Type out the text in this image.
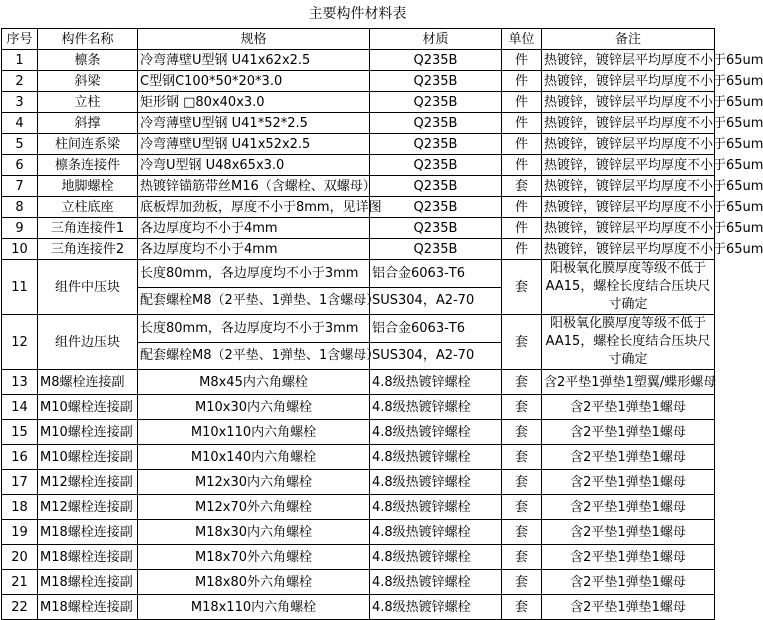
主要构件材料表
序号	构件名称	规格	材质	单位	备注
1	檩条	冷弯薄壁U型钢 U41x62x2.5	Q235B	件	热镀锌，镀锌层平均厚度不小于65um
2	斜梁	C型钢C100*50*20*3.0	Q235B	件	热镀锌，镀锌层平均厚度不小于65um
3	立柱	矩形钢 □80x40x3.0	Q235B	件	热镀锌，镀锌层平均厚度不小于65um
4	斜撑	冷弯薄壁U型钢 U41*52*2.5	Q235B	件	热镀锌，镀锌层平均厚度不小于65um
5	柱间连系梁	冷弯薄壁U型钢 U41x52x2.5	Q235B	件	热镀锌，镀锌层平均厚度不小于65um
6	檩条连接件	冷弯U型钢 U48x65x3.0	Q235B	件	热镀锌，镀锌层平均厚度不小于65um
7	地脚螺栓	热镀锌锚筋带丝M16（含螺栓、双螺母）	Q235B	套	热镀锌，镀锌层平均厚度不小于65um
8	立柱底座	底板焊加劲板，厚度不小于8mm，见详图	Q235B	件	热镀锌，镀锌层平均厚度不小于65um
9	三角连接件1	各边厚度均不小于4mm	Q235B	件	热镀锌，镀锌层平均厚度不小于65um
10	三角连接件2	各边厚度均不小于4mm	Q235B	件	热镀锌，镀锌层平均厚度不小于65um
11	组件中压块	长度80mm，各边厚度均不小于3mm	铝合金6063-T6	套	阳极氧化膜厚度等级不低于AA15，螺栓长度结合压块尺寸确定
		配套螺栓M8（2平垫、1弹垫、1含螺母）	SUS304，A2-70		
12	组件边压块	长度80mm，各边厚度均不小于3mm	铝合金6063-T6	套	阳极氧化膜厚度等级不低于AA15，螺栓长度结合压块尺寸确定
		配套螺栓M8（2平垫、1弹垫、1含螺母）	SUS304，A2-70		
13	M8螺栓连接副	M8x45内六角螺栓	4.8级热镀锌螺栓	套	含2平垫1弹垫1塑翼/蝶形螺母
14	M10螺栓连接副	M10x30内六角螺栓	4.8级热镀锌螺栓	套	含2平垫1弹垫1螺母
15	M10螺栓连接副	M10x110内六角螺栓	4.8级热镀锌螺栓	套	含2平垫1弹垫1螺母
16	M10螺栓连接副	M10x140内六角螺栓	4.8级热镀锌螺栓	套	含2平垫1弹垫1螺母
17	M12螺栓连接副	M12x30内六角螺栓	4.8级热镀锌螺栓	套	含2平垫1弹垫1螺母
18	M12螺栓连接副	M12x70外六角螺栓	4.8级热镀锌螺栓	套	含2平垫1弹垫1螺母
19	M18螺栓连接副	M18x30内六角螺栓	4.8级热镀锌螺栓	套	含2平垫1弹垫1螺母
20	M18螺栓连接副	M18x70外六角螺栓	4.8级热镀锌螺栓	套	含2平垫1弹垫1螺母
21	M18螺栓连接副	M18x80外六角螺栓	4.8级热镀锌螺栓	套	含2平垫1弹垫1螺母
22	M18螺栓连接副	M18x110内六角螺栓	4.8级热镀锌螺栓	套	含2平垫1弹垫1螺母
